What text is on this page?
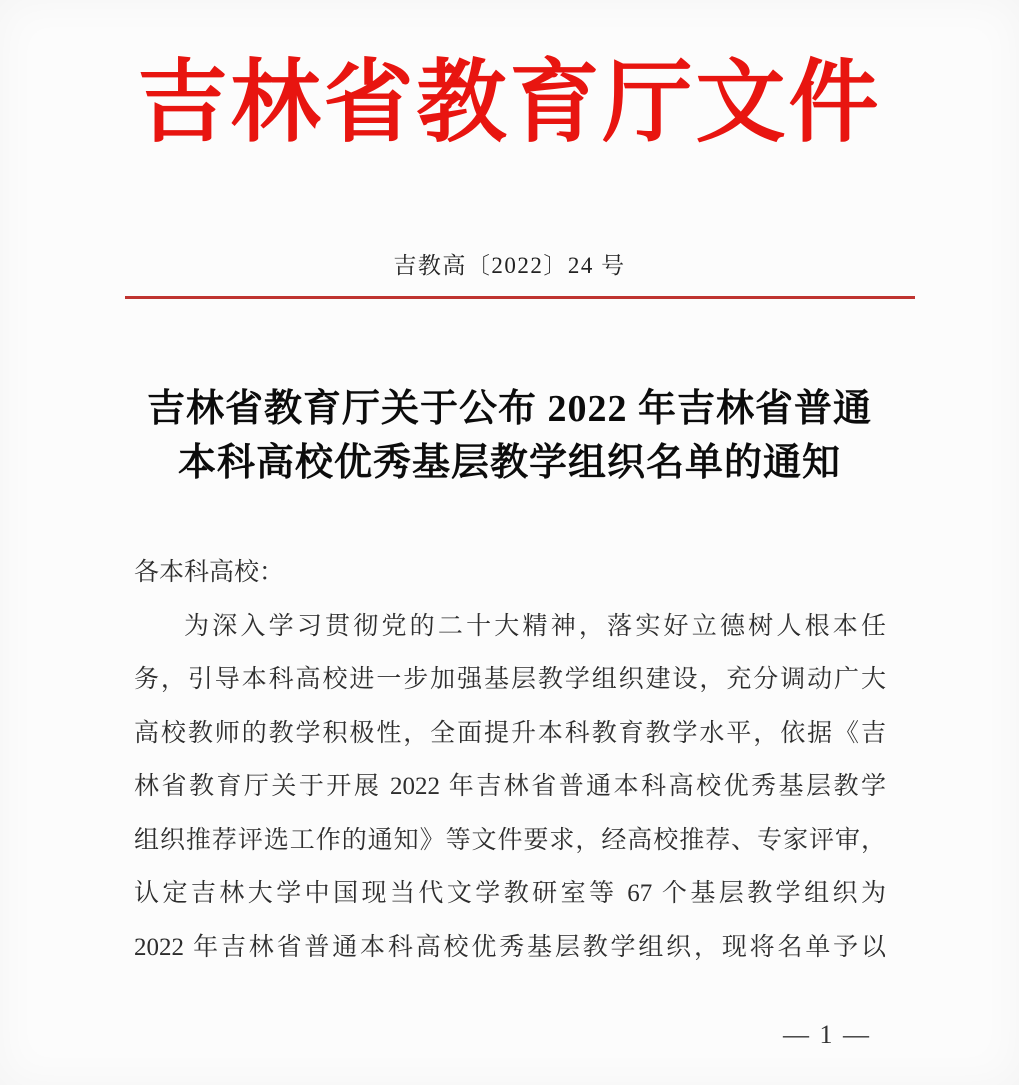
吉林省教育厅文件
吉教高〔2022〕24 号
吉林省教育厅关于公布 2022 年吉林省普通
本科高校优秀基层教学组织名单的通知
各本科高校：
为深入学习贯彻党的二十大精神，落实好立德树人根本任
务，引导本科高校进一步加强基层教学组织建设，充分调动广大
高校教师的教学积极性，全面提升本科教育教学水平，依据《吉
林省教育厅关于开展 2022 年吉林省普通本科高校优秀基层教学
组织推荐评选工作的通知》等文件要求，经高校推荐、专家评审，
认定吉林大学中国现当代文学教研室等 67 个基层教学组织为
2022 年吉林省普通本科高校优秀基层教学组织，现将名单予以
— 1 —
